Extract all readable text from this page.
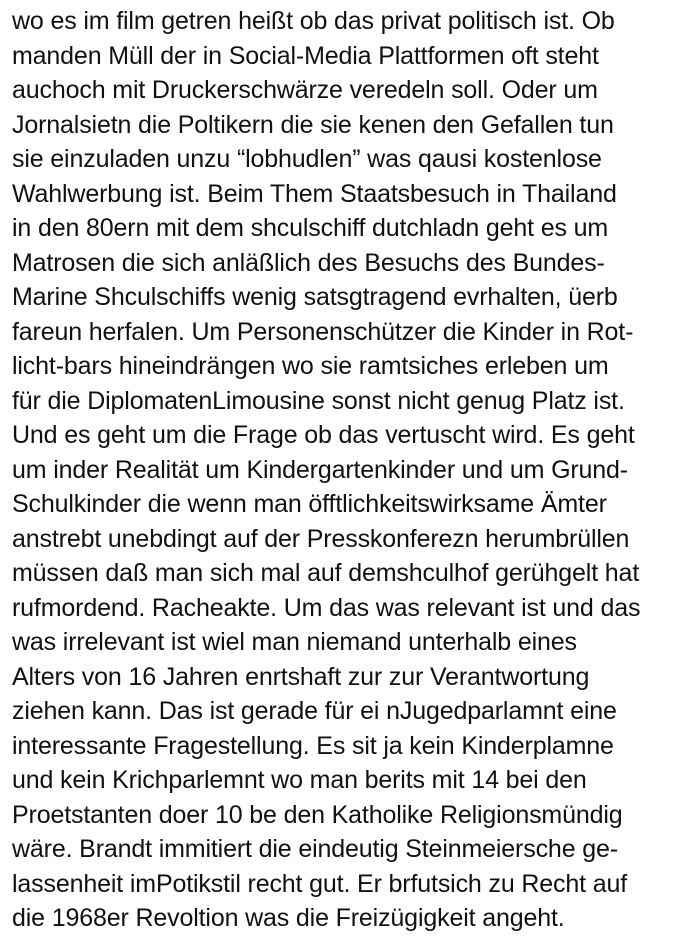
wo es im film getren heißt ob das privat politisch ist. Ob
manden Müll der in Social-Media Plattformen oft steht
auchoch mit Druckerschwärze veredeln soll. Oder um
Jornalsietn die Poltikern die sie kenen den Gefallen tun
sie einzuladen unzu “lobhudlen” was qausi kostenlose
Wahlwerbung ist. Beim Them Staatsbesuch in Thailand
in den 80ern mit dem shculschiff dutchladn geht es um
Matrosen die sich anläßlich des Besuchs des Bundes-
Marine Shculschiffs wenig satsgtragend evrhalten, üerb
fareun herfalen. Um Personenschützer die Kinder in Rot-
licht-bars hineindrängen wo sie ramtsiches erleben um
für die DiplomatenLimousine sonst nicht genug Platz ist.
Und es geht um die Frage ob das vertuscht wird. Es geht
um inder Realität um Kindergartenkinder und um Grund-
Schulkinder die wenn man öfftlichkeitswirksame Ämter
anstrebt unebdingt auf der Presskonferezn herumbrüllen
müssen daß man sich mal auf demshculhof gerühgelt hat
rufmordend. Racheakte. Um das was relevant ist und das
was irrelevant ist wiel man niemand unterhalb eines
Alters von 16 Jahren enrtshaft zur zur Verantwortung
ziehen kann. Das ist gerade für ei nJugedparlamnt eine
interessante Fragestellung. Es sit ja kein Kinderplamne
und kein Krichparlemnt wo man berits mit 14 bei den
Proetstanten doer 10 be den Katholike Religionsmündig
wäre. Brandt immitiert die eindeutig Steinmeiersche ge-
lassenheit imPotikstil recht gut. Er brfutsich zu Recht auf
die 1968er Revoltion was die Freizügigkeit angeht.
